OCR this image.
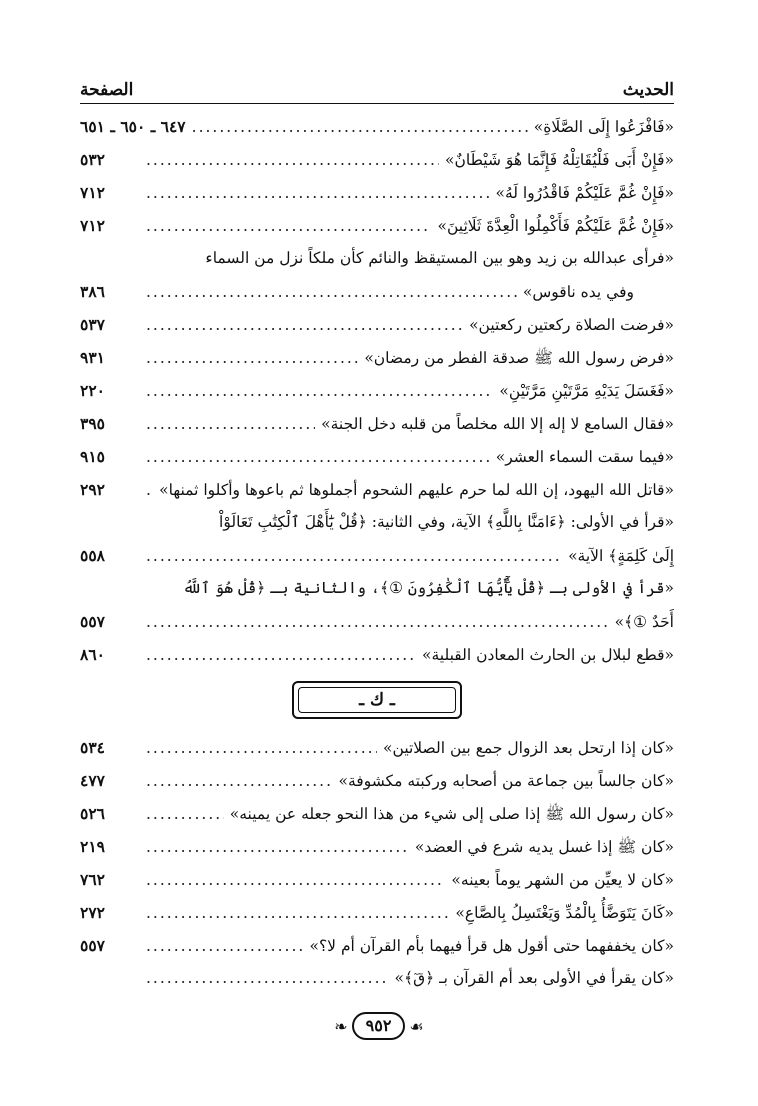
الحديث
الصفحة
«فَافْزَعُوا إِلَى الصَّلَاةِ»
.....
٦٤٧ ـ ٦٥٠ ـ ٦٥١
«فَإِنْ أَبَى فَلْيُقَاتِلْهُ فَإِنَّمَا هُوَ شَيْطَانٌ»
.....
٥٣٢
«فَإِنْ غُمَّ عَلَيْكُمْ فَاقْدُرُوا لَهُ»
.....
٧١٢
«فَإِنْ غُمَّ عَلَيْكُمْ فَأَكْمِلُوا الْعِدَّةَ ثَلَاثِينَ»
.....
٧١٢
«فرأى عبدالله بن زيد وهو بين المستيقظ والنائم كأن ملكاً نزل من السماء
وفي يده ناقوس»
.....
٣٨٦
«فرضت الصلاة ركعتين ركعتين»
.....
٥٣٧
«فرض رسول الله ﷺ صدقة الفطر من رمضان»
.....
٩٣١
«فَغَسَلَ يَدَيْهِ مَرَّتَيْنِ مَرَّتَيْنِ»
.....
٢٢٠
«فقال السامع لا إله إلا الله مخلصاً من قلبه دخل الجنة»
.....
٣٩٥
«فيما سقت السماء العشر»
.....
٩١٥
«قاتل الله اليهود، إن الله لما حرم عليهم الشحوم أجملوها ثم باعوها وأكلوا ثمنها»
.....
٢٩٢
«قرأ في الأولى: ﴿ءَامَنَّا بِاللَّهِ﴾ الآية، وفي الثانية: ﴿قُلْ يَٰٓأَهْلَ ٱلْكِتَٰبِ تَعَالَوْاْ
إِلَىٰ كَلِمَةٍ﴾ الآية»
.....
٥٥٨
«قرأ في الأولى بـ ﴿قُلْ يَٰٓأَيُّهَا ٱلْكَٰفِرُونَ ①﴾، والثانية بـ ﴿قُلْ هُوَ ٱللَّهُ
أَحَدٌ ①﴾»
.....
٥٥٧
«قطع لبلال بن الحارث المعادن القبلية»
.....
٨٦٠
ـ ك ـ
«كان إذا ارتحل بعد الزوال جمع بين الصلاتين»
.....
٥٣٤
«كان جالساً بين جماعة من أصحابه وركبته مكشوفة»
.....
٤٧٧
«كان رسول الله ﷺ إذا صلى إلى شيء من هذا النحو جعله عن يمينه»
.....
٥٢٦
«كان ﷺ إذا غسل يديه شرع في العضد»
.....
٢١٩
«كان لا يعيِّن من الشهر يوماً بعينه»
.....
٧٦٢
«كَانَ يَتَوَضَّأُ بِالْمُدِّ وَيَغْتَسِلُ بِالصَّاعِ»
.....
٢٧٢
«كان يخففهما حتى أقول هل قرأ فيهما بأم القرآن أم لا؟»
.....
٥٥٧
«كان يقرأ في الأولى بعد أم القرآن بـ ﴿قٓ﴾»
.....
❧	٩٥٢	☙
